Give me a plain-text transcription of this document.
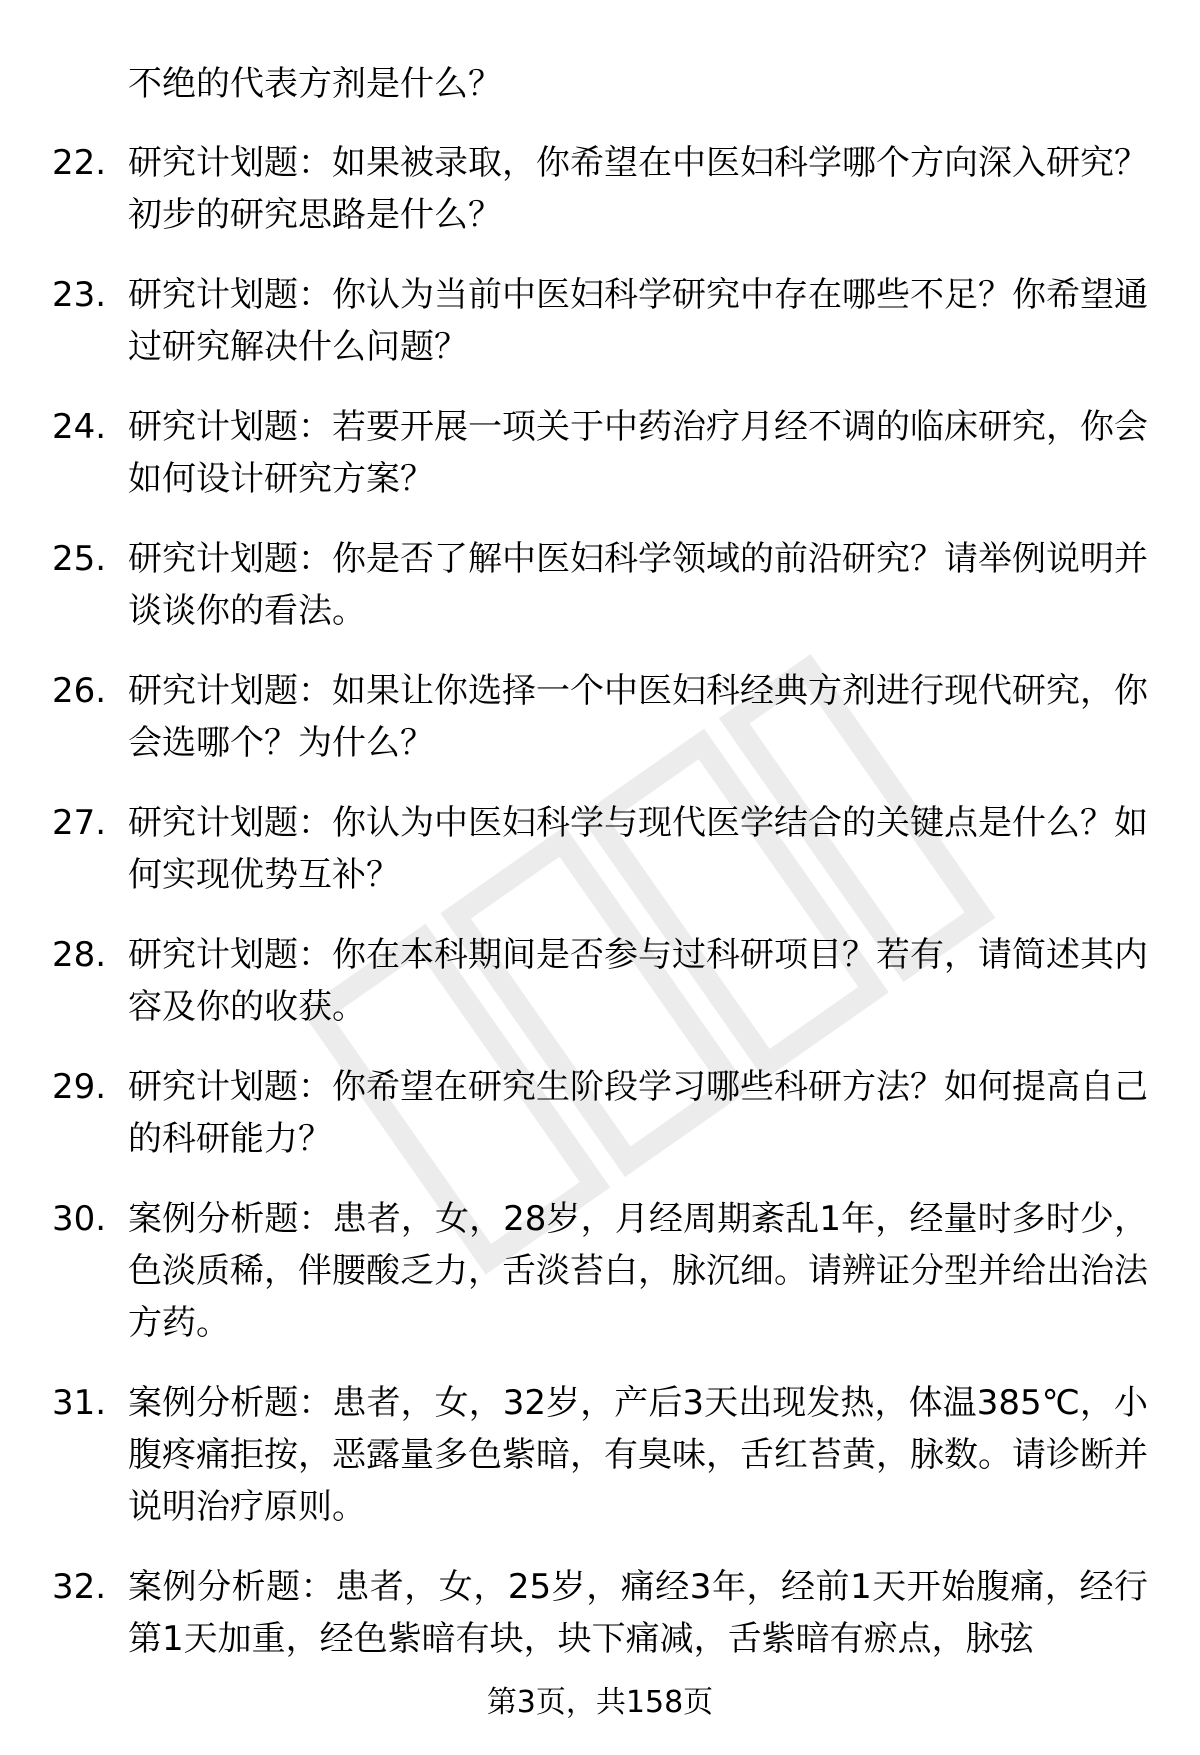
不绝的代表方剂是什么？
22. 研究计划题：如果被录取，你希望在中医妇科学哪个方向深入研究？初步的研究思路是什么？
23. 研究计划题：你认为当前中医妇科学研究中存在哪些不足？你希望通过研究解决什么问题？
24. 研究计划题：若要开展一项关于中药治疗月经不调的临床研究，你会如何设计研究方案？
25. 研究计划题：你是否了解中医妇科学领域的前沿研究？请举例说明并谈谈你的看法。
26. 研究计划题：如果让你选择一个中医妇科经典方剂进行现代研究，你会选哪个？为什么？
27. 研究计划题：你认为中医妇科学与现代医学结合的关键点是什么？如何实现优势互补？
28. 研究计划题：你在本科期间是否参与过科研项目？若有，请简述其内容及你的收获。
29. 研究计划题：你希望在研究生阶段学习哪些科研方法？如何提高自己的科研能力？
30. 案例分析题：患者，女，28岁，月经周期紊乱1年，经量时多时少，色淡质稀，伴腰酸乏力，舌淡苔白，脉沉细。请辨证分型并给出治法方药。
31. 案例分析题：患者，女，32岁，产后3天出现发热，体温385℃，小腹疼痛拒按，恶露量多色紫暗，有臭味，舌红苔黄，脉数。请诊断并说明治疗原则。
32. 案例分析题：患者，女，25岁，痛经3年，经前1天开始腹痛，经行第1天加重，经色紫暗有块，块下痛减，舌紫暗有瘀点，脉弦
第3页，共158页
